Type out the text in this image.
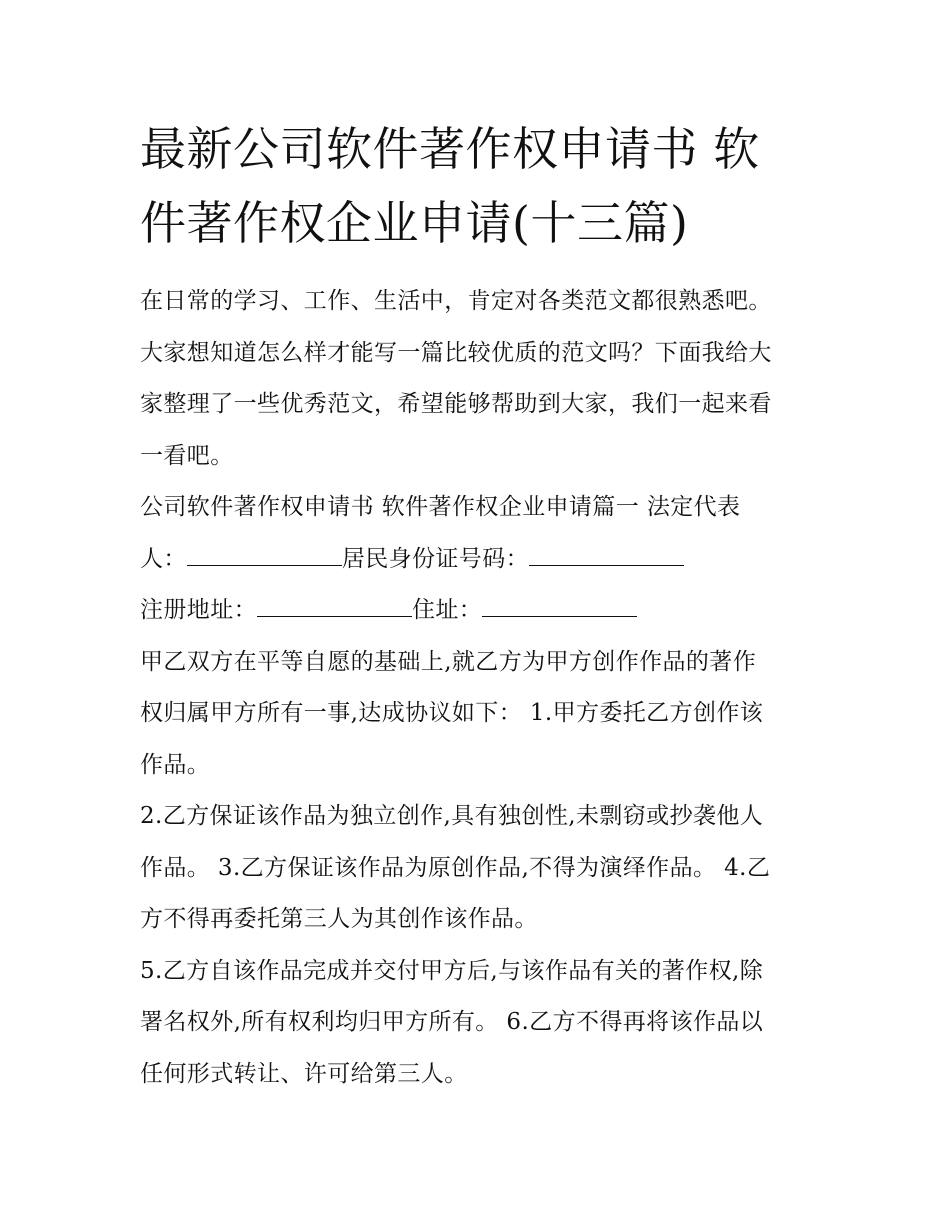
最新公司软件著作权申请书 软
件著作权企业申请(十三篇)

在日常的学习、工作、生活中，肯定对各类范文都很熟悉吧。
大家想知道怎么样才能写一篇比较优质的范文吗？下面我给大
家整理了一些优秀范文，希望能够帮助到大家，我们一起来看
一看吧。

公司软件著作权申请书 软件著作权企业申请篇一 法定代表
人：	居民身份证号码：

注册地址：	住址：

甲乙双方在平等自愿的基础上,就乙方为甲方创作作品的著作
权归属甲方所有一事,达成协议如下： 1.甲方委托乙方创作该
作品。

2.乙方保证该作品为独立创作,具有独创性,未剽窃或抄袭他人
作品。 3.乙方保证该作品为原创作品,不得为演绎作品。 4.乙
方不得再委托第三人为其创作该作品。

5.乙方自该作品完成并交付甲方后,与该作品有关的著作权,除
署名权外,所有权利均归甲方所有。 6.乙方不得再将该作品以
任何形式转让、许可给第三人。
